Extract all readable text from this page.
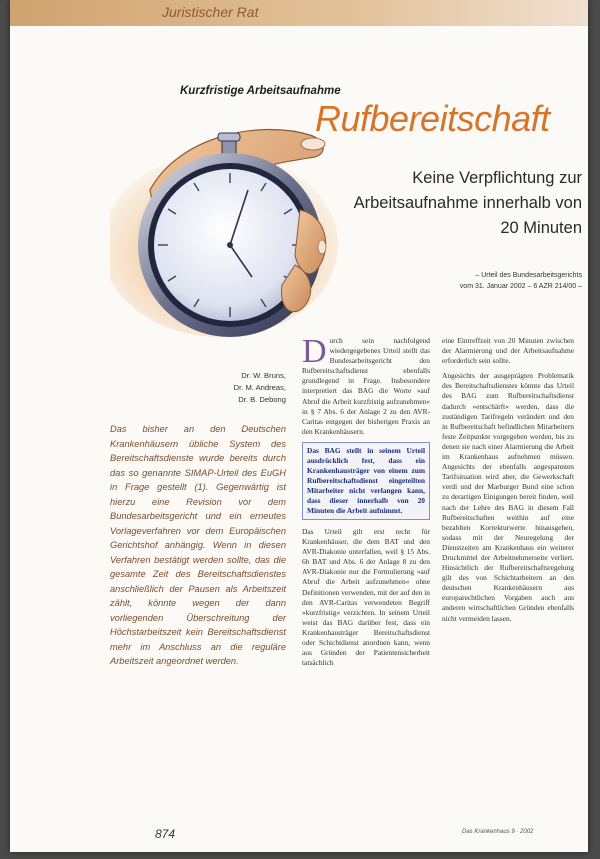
Juristischer Rat
Kurzfristige Arbeitsaufnahme
Rufbereitschaft
Keine Verpflichtung zur Arbeitsaufnahme innerhalb von 20 Minuten
– Urteil des Bundesarbeitsgerichts
vom 31. Januar 2002 – 6 AZR 214/00 –
Dr. W. Bruns,
Dr. M. Andreas,
Dr. B. Debong
Das bisher an den Deutschen Krankenhäusern übliche System des Bereitschaftsdienste wurde bereits durch das so genannte SIMAP-Urteil des EuGH in Frage gestellt (1). Gegenwärtig ist hierzu eine Revision vor dem Bundesarbeitsgericht und ein erneutes Vorlageverfahren vor dem Europäischen Gerichtshof anhängig. Wenn in diesen Verfahren bestätigt werden sollte, das die gesamte Zeit des Bereitschaftsdienstes anschließlich der Pausen als Arbeitszeit zählt, könnte wegen der dann vorliegenden Überschreitung der Höchstarbeitszeit kein Bereitschaftsdienst mehr im Anschluss an die reguläre Arbeitszeit angeordnet werden.

Durch sein nachfolgend wiedergegebenes Urteil stellt das Bundesarbeitsgericht den Rufbereitschaftsdienst ebenfalls grundlegend in Frage. Insbesondere interpretiert das BAG die Worte »auf Abruf die Arbeit kurzfristig aufzunehmen« in § 7 Abs. 6 der Anlage 2 zu den AVR-Caritas entgegen der bisherigen Praxis an den Krankenhäusern.

Das BAG stellt in seinem Urteil ausdrücklich fest, dass ein Krankenhausträger von einem zum Rufbereitschaftsdienst eingeteilten Mitarbeiter nicht verlangen kann, dass dieser innerhalb von 20 Minuten die Arbeit aufnimmt.

Das Urteil gilt erst recht für Krankenhäuser, die dem BAT und den AVR-Diakonie unterfallen, weil § 15 Abs. 6b BAT und Abs. 6 der Anlage 8 zu den AVR-Diakonie nur die Formulierung »auf Abruf die Arbeit aufzunehmen« ohne Definitionen verwenden, mit der auf den in den AVR-Caritas verwendeten Begriff »kurzfristig« verzichten. In seinem Urteil weist das BAG darüber fest, dass ein Krankenhausträger Bereitschaftsdienst oder Schichtdienst anordnen kann, wenn aus Gründen der Patientensicherheit tatsächlich

eine Eintreffzeit von 20 Minuten zwischen der Alarmierung und der Arbeitsaufnahme erforderlich sein sollte.

Angesichts der ausgeprägten Problematik des Bereitschaftsdienstes könnte das Urteil des BAG zum Rufbereitschaftsdienst dadurch »entschärft« werden, dass die zuständigen Tarifregeln verändert und den in Rufbereitschaft befindlichen Mitarbeitern feste Zeitpunkte vorgegeben werden, bis zu denen sie nach einer Alarmierung die Arbeit im Krankenhaus aufnehmen müssen. Angesichts der ebenfalls angespannten Tarifsituation wird aber, die Gewerkschaft verdi und der Marburger Bund eine schon zu derartigen Einigungen bereit finden, weil nach der Lehre des BAG in diesem Fall Rufbereitschaften weithin auf eine bezahlten Korrekturwerte hinausgehen, sodass mit der Neuregelung der Dienstzeiten am Krankenhaus ein weiterer Druckmittel der Arbeitnehmerseite verliert. Hinsichtlich der Rufbereitschaftsregelung gilt des von Schichtarbeitern an den deutschen Krankenhäusern aus europarechtlichen Vorgaben auch aus anderen wirtschaftlichen Gründen ebenfalls nicht vermeiden lassen.

874	Das Krankenhaus 9 · 2002
